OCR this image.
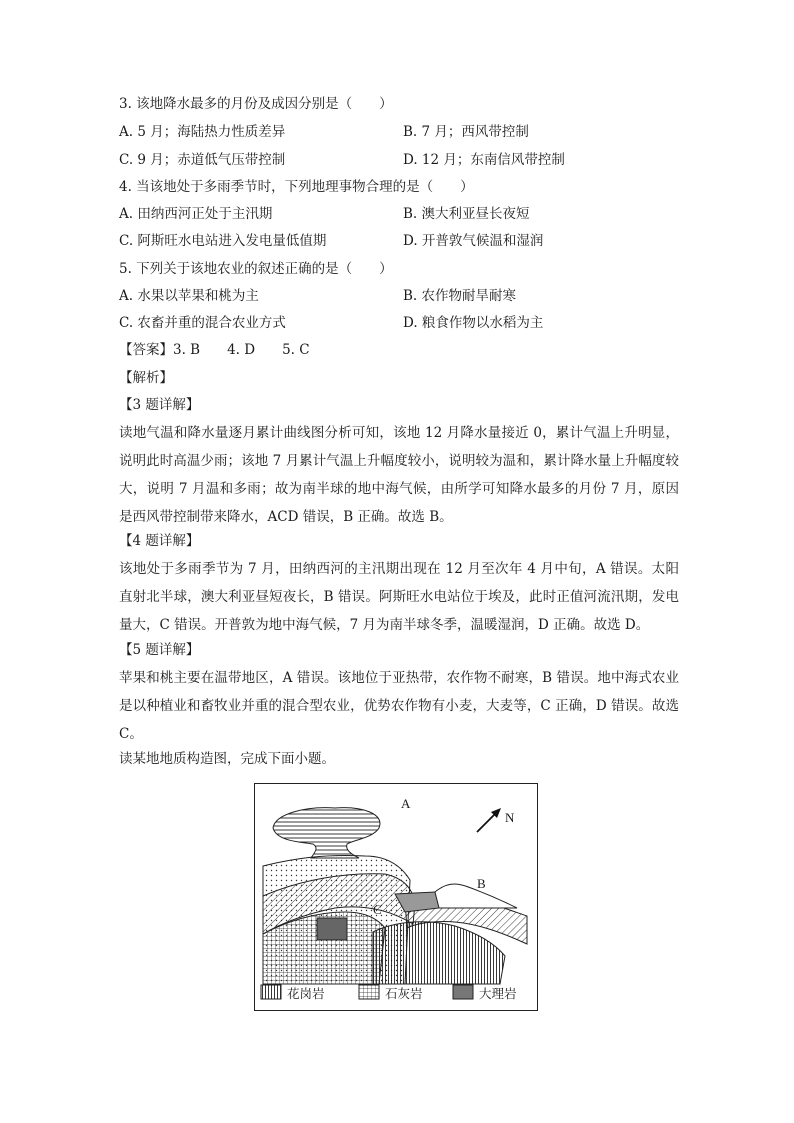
3. 该地降水最多的月份及成因分别是（　　）
A. 5 月；海陆热力性质差异	B. 7 月；西风带控制
C. 9 月；赤道低气压带控制	D. 12 月；东南信风带控制
4. 当该地处于多雨季节时，下列地理事物合理的是（　　）
A. 田纳西河正处于主汛期	B. 澳大利亚昼长夜短
C. 阿斯旺水电站进入发电量低值期	D. 开普敦气候温和湿润
5. 下列关于该地农业的叙述正确的是（　　）
A. 水果以苹果和桃为主	B. 农作物耐旱耐寒
C. 农畜并重的混合农业方式	D. 粮食作物以水稻为主
【答案】3. B　　4. D　　5. C
【解析】
【3 题详解】
读地气温和降水量逐月累计曲线图分析可知，该地 12 月降水量接近 0，累计气温上升明显，说明此时高温少雨；该地 7 月累计气温上升幅度较小，说明较为温和，累计降水量上升幅度较大，说明 7 月温和多雨；故为南半球的地中海气候，由所学可知降水最多的月份 7 月，原因是西风带控制带来降水，ACD 错误，B 正确。故选 B。
【4 题详解】
该地处于多雨季节为 7 月，田纳西河的主汛期出现在 12 月至次年 4 月中旬，A 错误。太阳直射北半球，澳大利亚昼短夜长，B 错误。阿斯旺水电站位于埃及，此时正值河流汛期，发电量大，C 错误。开普敦为地中海气候，7 月为南半球冬季，温暖湿润，D 正确。故选 D。
【5 题详解】
苹果和桃主要在温带地区，A 错误。该地位于亚热带，农作物不耐寒，B 错误。地中海式农业是以种植业和畜牧业并重的混合型农业，优势农作物有小麦，大麦等，C 正确，D 错误。故选 C。
读某地地质构造图，完成下面小题。
A
N
B
C
花岗岩	石灰岩	大理岩
